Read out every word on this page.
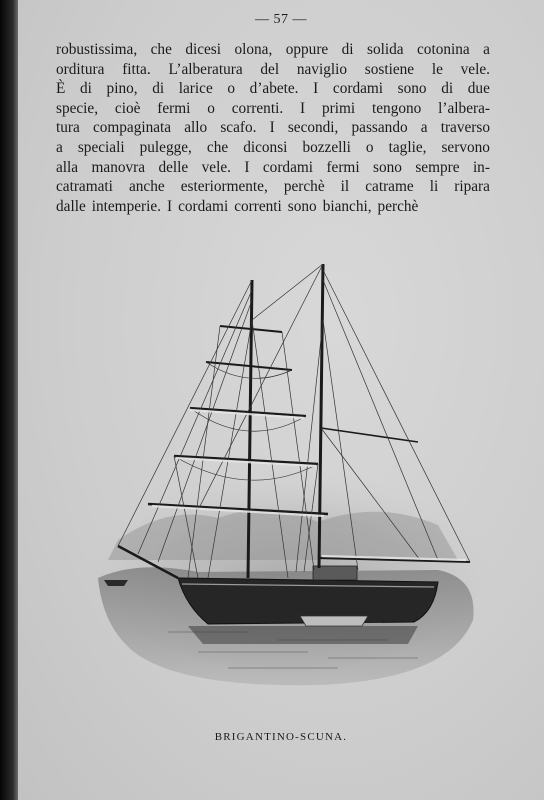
— 57 —
robustissima, che dicesi olona, oppure di solida cotonina a
orditura fitta. L’alberatura del naviglio sostiene le vele.
È di pino, di larice o d’abete. I cordami sono di due
specie, cioè fermi o correnti. I primi tengono l’albera-
tura compaginata allo scafo. I secondi, passando a traverso
a speciali pulegge, che diconsi bozzelli o taglie, servono
alla manovra delle vele. I cordami fermi sono sempre in-
catramati anche esteriormente, perchè il catrame li ripara
dalle intemperie. I cordami correnti sono bianchi, perchè
BRIGANTINO-SCUNA.
